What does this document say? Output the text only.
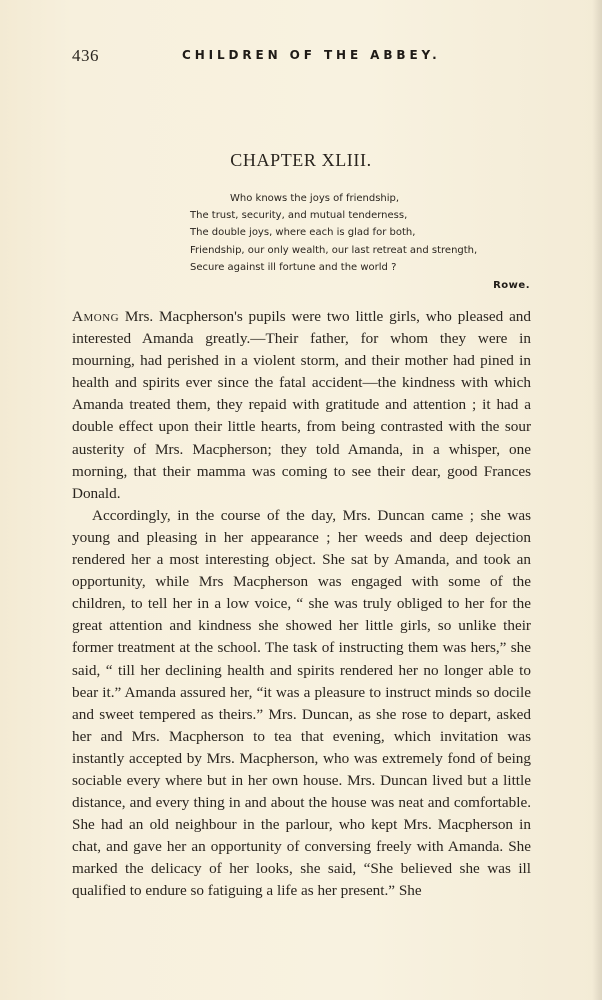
436	CHILDREN OF THE ABBEY.
CHAPTER XLIII.
Who knows the joys of friendship,
The trust, security, and mutual tenderness,
The double joys, where each is glad for both,
Friendship, our only wealth, our last retreat and strength,
Secure against ill fortune and the world ?
Rowe.

Among Mrs. Macpherson's pupils were two little girls, who pleased and interested Amanda greatly.—Their father, for whom they were in mourning, had perished in a violent storm, and their mother had pined in health and spirits ever since the fatal accident—the kindness with which Amanda treated them, they repaid with gratitude and attention ; it had a double effect upon their little hearts, from being contrasted with the sour austerity of Mrs. Macpherson; they told Amanda, in a whisper, one morning, that their mamma was coming to see their dear, good Frances Donald.

Accordingly, in the course of the day, Mrs. Duncan came ; she was young and pleasing in her appearance ; her weeds and deep dejection rendered her a most interesting object. She sat by Amanda, and took an opportunity, while Mrs Macpherson was engaged with some of the children, to tell her in a low voice, “ she was truly obliged to her for the great attention and kindness she showed her little girls, so unlike their former treatment at the school. The task of instructing them was hers,” she said, “ till her declining health and spirits rendered her no longer able to bear it.” Amanda assured her, “it was a pleasure to instruct minds so docile and sweet tempered as theirs.” Mrs. Duncan, as she rose to depart, asked her and Mrs. Macpherson to tea that evening, which invitation was instantly accepted by Mrs. Macpherson, who was extremely fond of being sociable every where but in her own house. Mrs. Duncan lived but a little distance, and every thing in and about the house was neat and comfortable. She had an old neighbour in the parlour, who kept Mrs. Macpherson in chat, and gave her an opportunity of conversing freely with Amanda. She marked the delicacy of her looks, she said, “She believed she was ill qualified to endure so fatiguing a life as her present.” She
